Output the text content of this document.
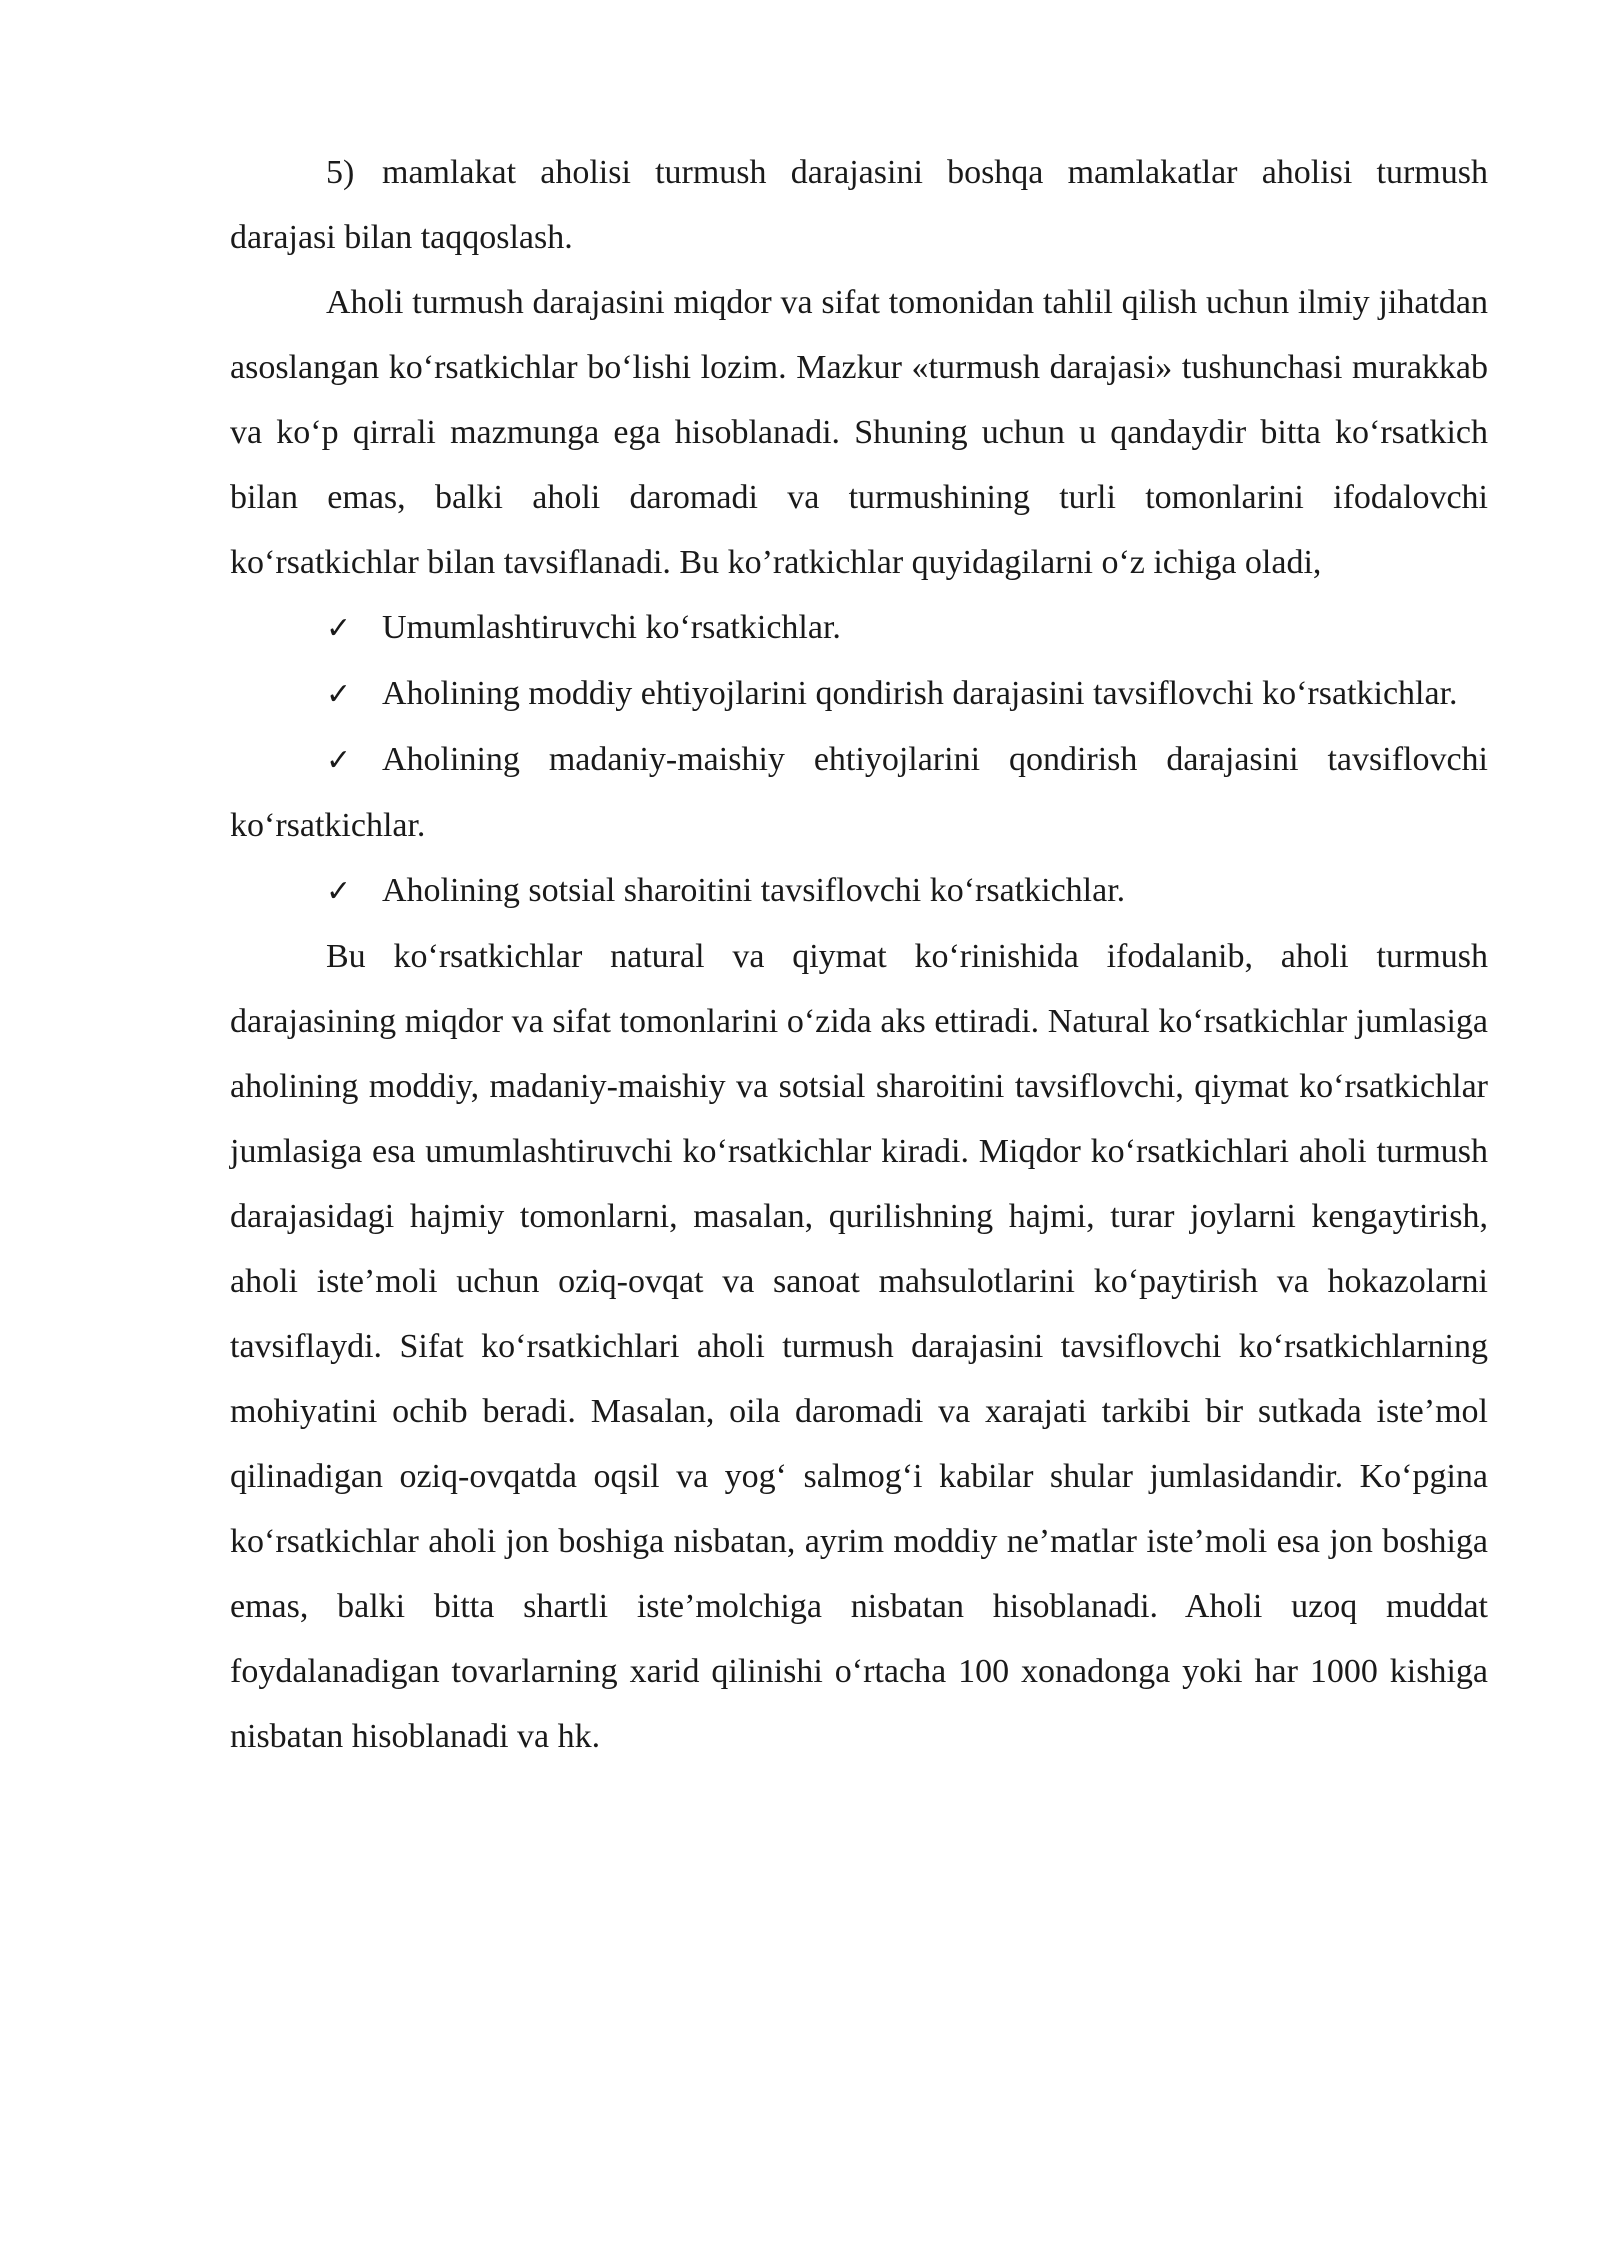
5) mamlakat aholisi turmush darajasini boshqa mamlakatlar aholisi turmush darajasi bilan taqqoslash.

Aholi turmush darajasini miqdor va sifat tomonidan tahlil qilish uchun ilmiy jihatdan asoslangan ko‘rsatkichlar bo‘lishi lozim. Mazkur «turmush darajasi» tushunchasi murakkab va ko‘p qirrali mazmunga ega hisoblanadi. Shuning uchun u qandaydir bitta ko‘rsatkich bilan emas, balki aholi daromadi va turmushining turli tomonlarini ifodalovchi ko‘rsatkichlar bilan tavsiflanadi. Bu ko’ratkichlar quyidagilarni o‘z ichiga oladi,

✓ Umumlashtiruvchi ko‘rsatkichlar.

✓ Aholining moddiy ehtiyojlarini qondirish darajasini tavsiflovchi ko‘rsatkichlar.

✓ Aholining madaniy-maishiy ehtiyojlarini qondirish darajasini tavsiflovchi ko‘rsatkichlar.

✓ Aholining sotsial sharoitini tavsiflovchi ko‘rsatkichlar.

Bu ko‘rsatkichlar natural va qiymat ko‘rinishida ifodalanib, aholi turmush darajasining miqdor va sifat tomonlarini o‘zida aks ettiradi. Natural ko‘rsatkichlar jumlasiga aholining moddiy, madaniy-maishiy va sotsial sharoitini tavsiflovchi, qiymat ko‘rsatkichlar jumlasiga esa umumlashtiruvchi ko‘rsatkichlar kiradi. Miqdor ko‘rsatkichlari aholi turmush darajasidagi hajmiy tomonlarni, masalan, qurilishning hajmi, turar joylarni kengaytirish, aholi iste’moli uchun oziq-ovqat va sanoat mahsulotlarini ko‘paytirish va hokazolarni tavsiflaydi. Sifat ko‘rsatkichlari aholi turmush darajasini tavsiflovchi ko‘rsatkichlarning mohiyatini ochib beradi. Masalan, oila daromadi va xarajati tarkibi bir sutkada iste’mol qilinadigan oziq-ovqatda oqsil va yog‘ salmog‘i kabilar shular jumlasidandir. Ko‘pgina ko‘rsatkichlar aholi jon boshiga nisbatan, ayrim moddiy ne’matlar iste’moli esa jon boshiga emas, balki bitta shartli iste’molchiga nisbatan hisoblanadi. Aholi uzoq muddat foydalanadigan tovarlarning xarid qilinishi o‘rtacha 100 xonadonga yoki har 1000 kishiga nisbatan hisoblanadi va hk.
